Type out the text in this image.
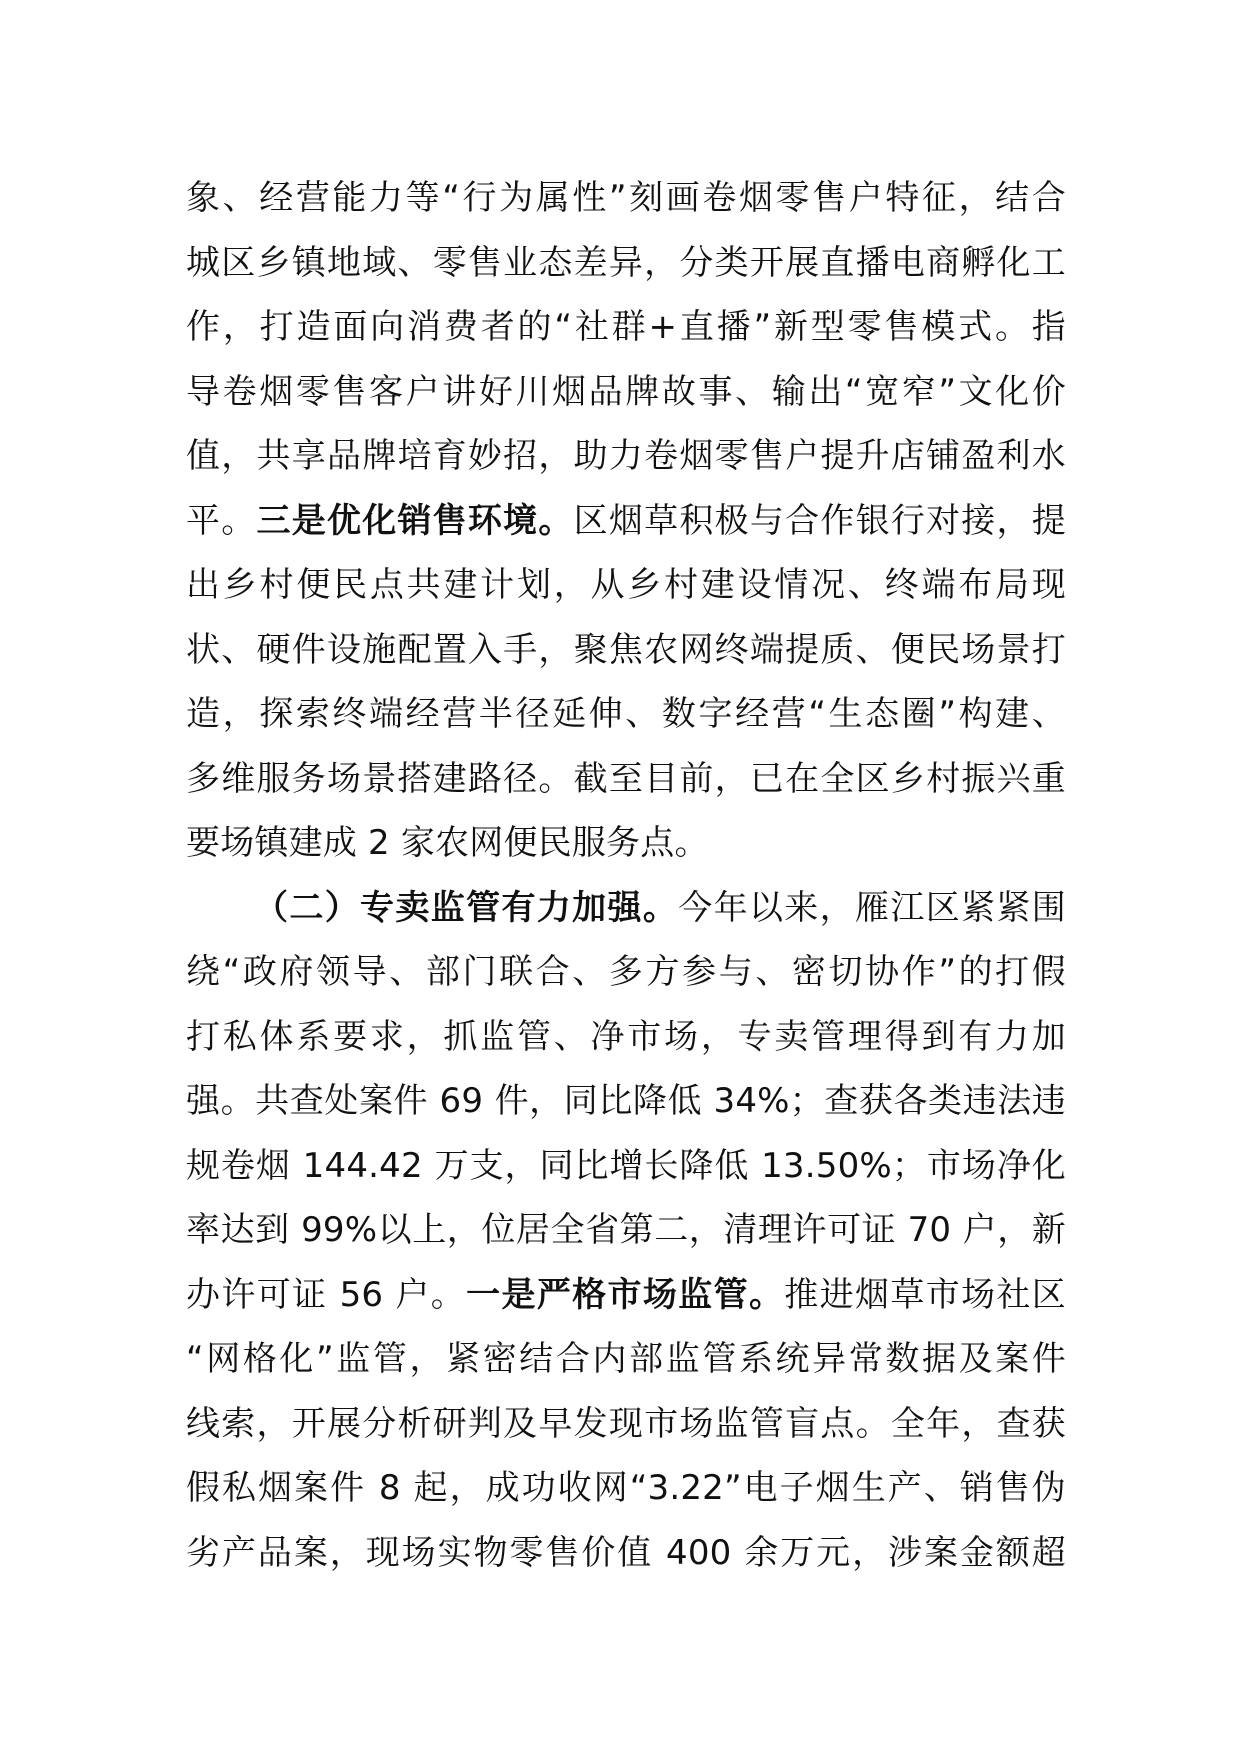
象、经营能力等“行为属性”刻画卷烟零售户特征，结合
城区乡镇地域、零售业态差异，分类开展直播电商孵化工
作，打造面向消费者的“社群+直播”新型零售模式。指
导卷烟零售客户讲好川烟品牌故事、输出“宽窄”文化价
值，共享品牌培育妙招，助力卷烟零售户提升店铺盈利水
平。三是优化销售环境。区烟草积极与合作银行对接，提
出乡村便民点共建计划，从乡村建设情况、终端布局现
状、硬件设施配置入手，聚焦农网终端提质、便民场景打
造，探索终端经营半径延伸、数字经营“生态圈”构建、
多维服务场景搭建路径。截至目前，已在全区乡村振兴重
要场镇建成 2 家农网便民服务点。
（二）专卖监管有力加强。今年以来，雁江区紧紧围
绕“政府领导、部门联合、多方参与、密切协作”的打假
打私体系要求，抓监管、净市场，专卖管理得到有力加
强。共查处案件 69 件，同比降低 34%；查获各类违法违
规卷烟 144.42 万支，同比增长降低 13.50%；市场净化
率达到 99%以上，位居全省第二，清理许可证 70 户，新
办许可证 56 户。一是严格市场监管。推进烟草市场社区
“网格化”监管，紧密结合内部监管系统异常数据及案件
线索，开展分析研判及早发现市场监管盲点。全年，查获
假私烟案件 8 起，成功收网“3.22”电子烟生产、销售伪
劣产品案，现场实物零售价值 400 余万元，涉案金额超
